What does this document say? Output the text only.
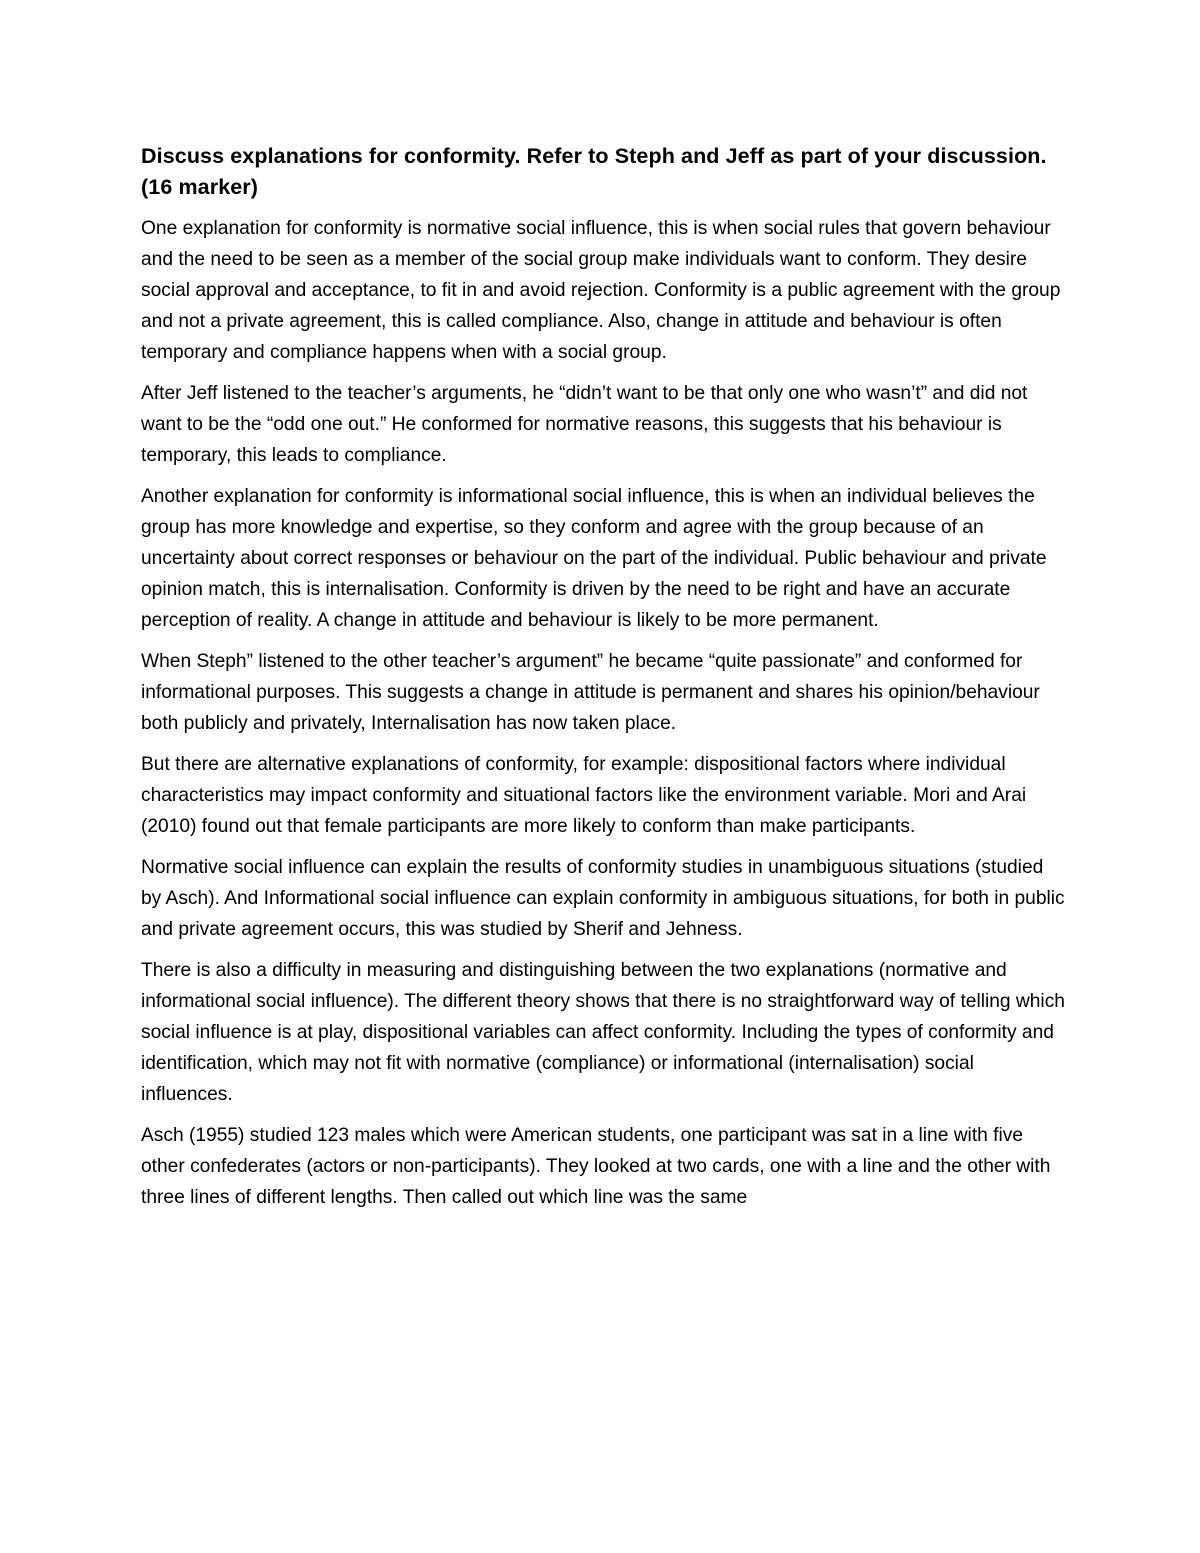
Discuss explanations for conformity. Refer to Steph and Jeff as part of your discussion. (16 marker)

One explanation for conformity is normative social influence, this is when social rules that govern behaviour and the need to be seen as a member of the social group make individuals want to conform. They desire social approval and acceptance, to fit in and avoid rejection. Conformity is a public agreement with the group and not a private agreement, this is called compliance. Also, change in attitude and behaviour is often temporary and compliance happens when with a social group.

After Jeff listened to the teacher’s arguments, he “didn’t want to be that only one who wasn’t” and did not want to be the “odd one out.” He conformed for normative reasons, this suggests that his behaviour is temporary, this leads to compliance.

Another explanation for conformity is informational social influence, this is when an individual believes the group has more knowledge and expertise, so they conform and agree with the group because of an uncertainty about correct responses or behaviour on the part of the individual. Public behaviour and private opinion match, this is internalisation. Conformity is driven by the need to be right and have an accurate perception of reality. A change in attitude and behaviour is likely to be more permanent.

When Steph” listened to the other teacher’s argument” he became “quite passionate” and conformed for informational purposes. This suggests a change in attitude is permanent and shares his opinion/behaviour both publicly and privately, Internalisation has now taken place.

But there are alternative explanations of conformity, for example: dispositional factors where individual characteristics may impact conformity and situational factors like the environment variable. Mori and Arai (2010) found out that female participants are more likely to conform than make participants.

Normative social influence can explain the results of conformity studies in unambiguous situations (studied by Asch). And Informational social influence can explain conformity in ambiguous situations, for both in public and private agreement occurs, this was studied by Sherif and Jehness.

There is also a difficulty in measuring and distinguishing between the two explanations (normative and informational social influence). The different theory shows that there is no straightforward way of telling which social influence is at play, dispositional variables can affect conformity. Including the types of conformity and identification, which may not fit with normative (compliance) or informational (internalisation) social influences.

Asch (1955) studied 123 males which were American students, one participant was sat in a line with five other confederates (actors or non-participants). They looked at two cards, one with a line and the other with three lines of different lengths. Then called out which line was the same
